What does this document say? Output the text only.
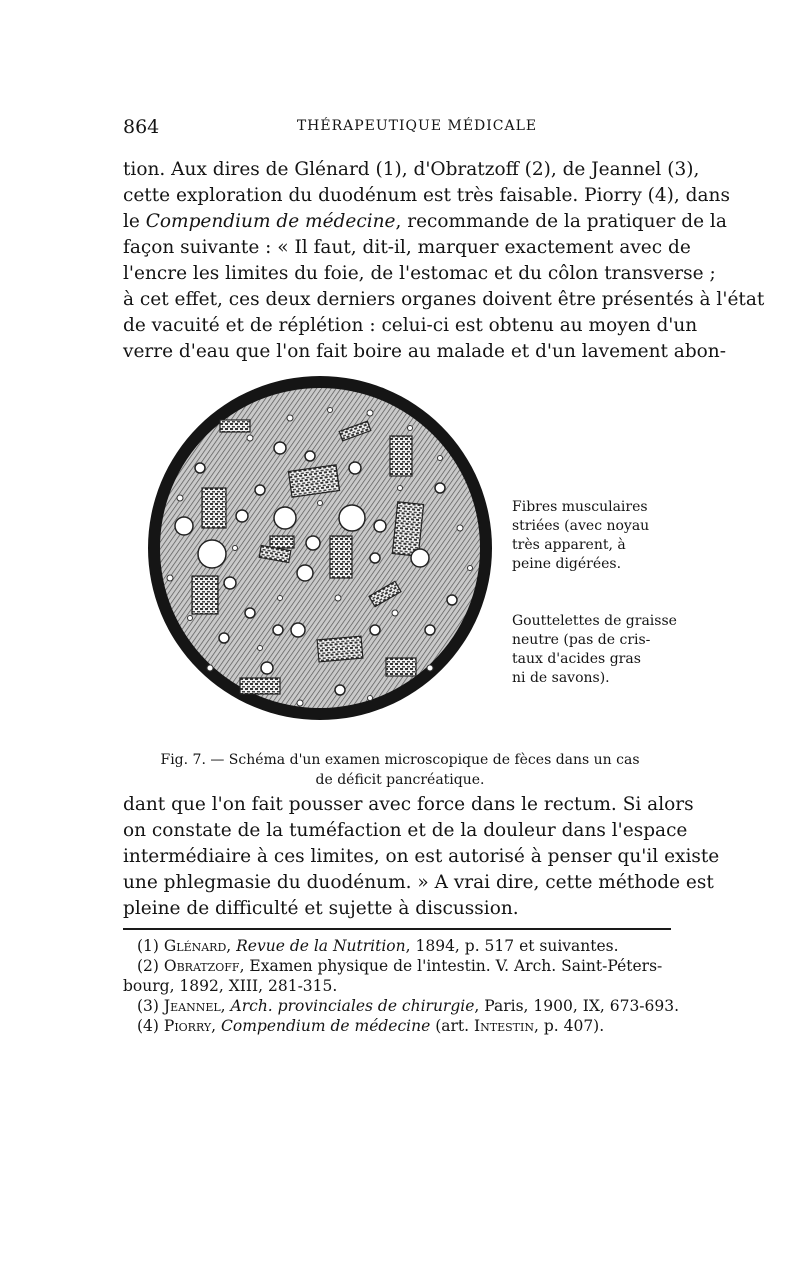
864	THÉRAPEUTIQUE MÉDICALE
tion. Aux dires de Glénard (1), d'Obratzoff (2), de Jeannel (3),
cette exploration du duodénum est très faisable. Piorry (4), dans
le Compendium de médecine, recommande de la pratiquer de la
façon suivante : « Il faut, dit-il, marquer exactement avec de
l'encre les limites du foie, de l'estomac et du côlon transverse ;
à cet effet, ces deux derniers organes doivent être présentés à l'état
de vacuité et de réplétion : celui-ci est obtenu au moyen d'un
verre d'eau que l'on fait boire au malade et d'un lavement abon-
Fibres musculaires
striées (avec noyau
très apparent, à
peine digérées.
Gouttelettes de graisse
neutre (pas de cris-
taux d'acides gras
ni de savons).
Fig. 7. — Schéma d'un examen microscopique de fèces dans un cas
de déficit pancréatique.
dant que l'on fait pousser avec force dans le rectum. Si alors
on constate de la tuméfaction et de la douleur dans l'espace
intermédiaire à ces limites, on est autorisé à penser qu'il existe
une phlegmasie du duodénum. » A vrai dire, cette méthode est
pleine de difficulté et sujette à discussion.
(1) Glénard, Revue de la Nutrition, 1894, p. 517 et suivantes.
(2) Obratzoff, Examen physique de l'intestin. V. Arch. Saint-Péters-
bourg, 1892, XIII, 281-315.
(3) Jeannel, Arch. provinciales de chirurgie, Paris, 1900, IX, 673-693.
(4) Piorry, Compendium de médecine (art. Intestin, p. 407).
